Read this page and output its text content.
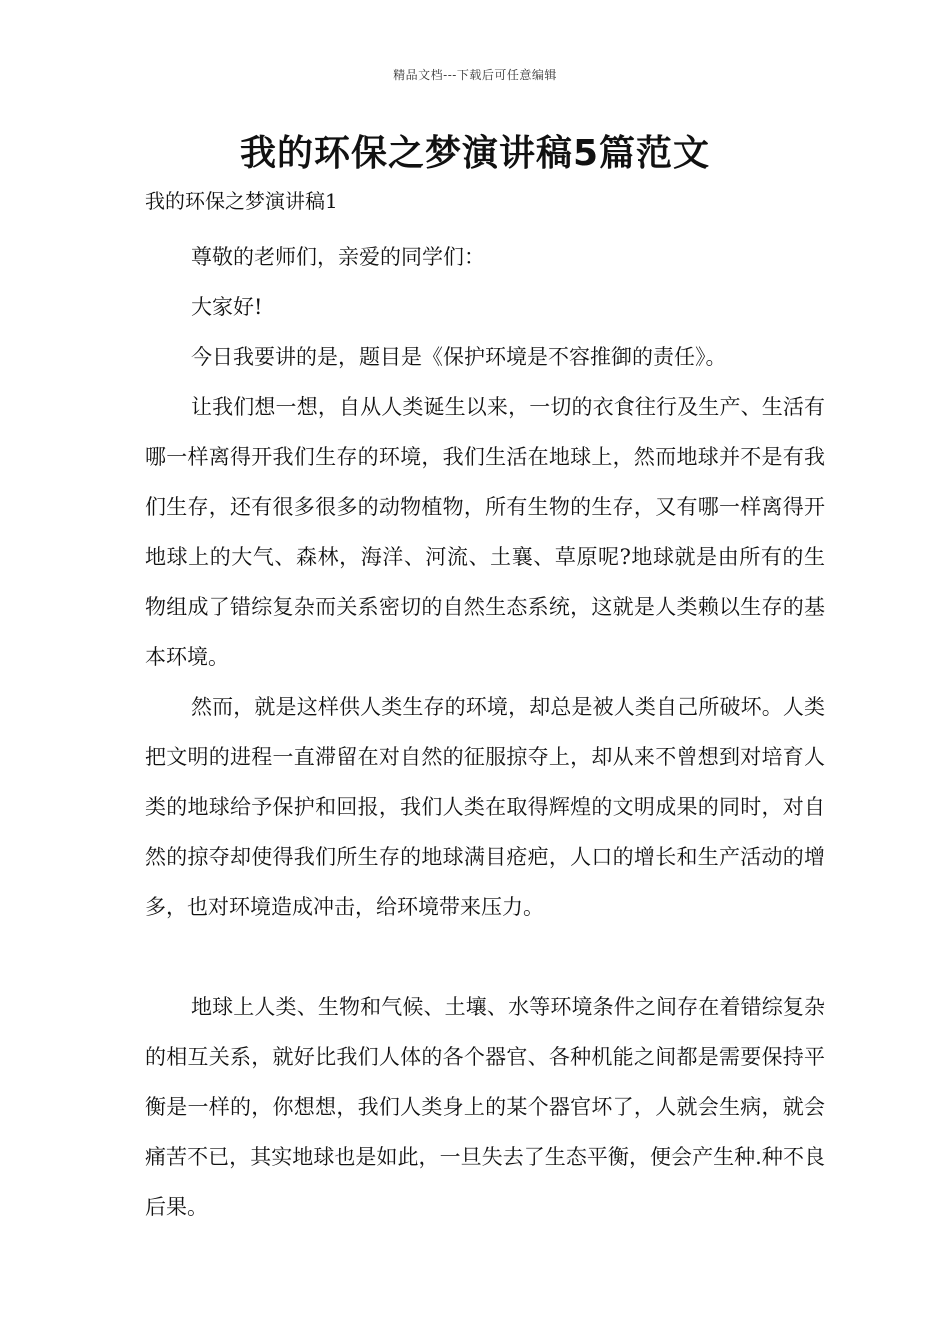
精品文档---下载后可任意编辑
我的环保之梦演讲稿5篇范文
我的环保之梦演讲稿1

尊敬的老师们，亲爱的同学们：

大家好!

今日我要讲的是，题目是《保护环境是不容推御的责任》。

让我们想一想，自从人类诞生以来，一切的衣食往行及生产、生活有哪一样离得开我们生存的环境，我们生活在地球上，然而地球并不是有我们生存，还有很多很多的动物植物，所有生物的生存，又有哪一样离得开地球上的大气、森林，海洋、河流、土襄、草原呢?地球就是由所有的生物组成了错综复杂而关系密切的自然生态系统，这就是人类赖以生存的基本环境。

然而，就是这样供人类生存的环境，却总是被人类自己所破坏。人类把文明的进程一直滞留在对自然的征服掠夺上，却从来不曾想到对培育人类的地球给予保护和回报，我们人类在取得辉煌的文明成果的同时，对自然的掠夺却使得我们所生存的地球满目疮疤，人口的增长和生产活动的增多，也对环境造成冲击，给环境带来压力。

地球上人类、生物和气候、土壤、水等环境条件之间存在着错综复杂的相互关系，就好比我们人体的各个器官、各种机能之间都是需要保持平衡是一样的，你想想，我们人类身上的某个器官坏了，人就会生病，就会痛苦不已，其实地球也是如此，一旦失去了生态平衡，便会产生种.种不良后果。
